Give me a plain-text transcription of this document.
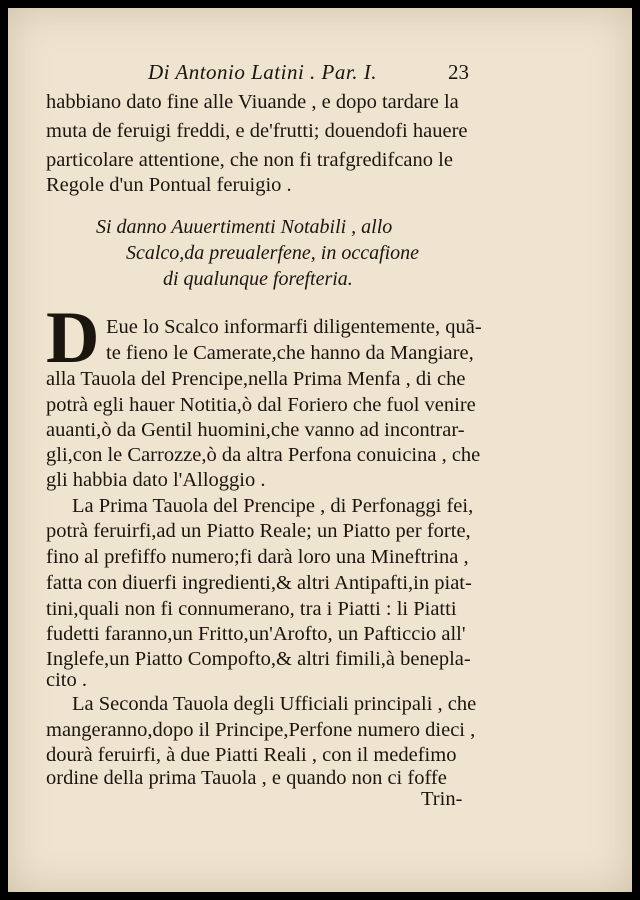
Di Antonio Latini . Par. I.	23
habbiano dato fine alle Viuande , e dopo tardare la
muta de feruigi freddi, e de'frutti; douendofi hauere
particolare attentione, che non fi trafgredifcano le
Regole d'un Pontual feruigio .
Si danno Auuertimenti Notabili , allo
Scalco,da preualerfene, in occafione
di qualunque forefteria.
D Eue lo Scalco informarfi diligentemente, quã-
te fieno le Camerate,che hanno da Mangiare,
alla Tauola del Prencipe,nella Prima Menfa , di che
potrà egli hauer Notitia,ò dal Foriero che fuol venire
auanti,ò da Gentil huomini,che vanno ad incontrar-
gli,con le Carrozze,ò da altra Perfona conuicina , che
gli habbia dato l'Alloggio .
La Prima Tauola del Prencipe , di Perfonaggi fei,
potrà feruirfi,ad un Piatto Reale; un Piatto per forte,
fino al prefiffo numero;fi darà loro una Mineftrina ,
fatta con diuerfi ingredienti,& altri Antipafti,in piat-
tini,quali non fi connumerano, tra i Piatti : li Piatti
fudetti faranno,un Fritto,un'Arofto, un Pafticcio all'
Inglefe,un Piatto Compofto,& altri fimili,à benepla-
cito .
La Seconda Tauola degli Ufficiali principali , che
mangeranno,dopo il Principe,Perfone numero dieci ,
dourà feruirfi, à due Piatti Reali , con il medefimo
ordine della prima Tauola , e quando non ci foffe
Trin-
